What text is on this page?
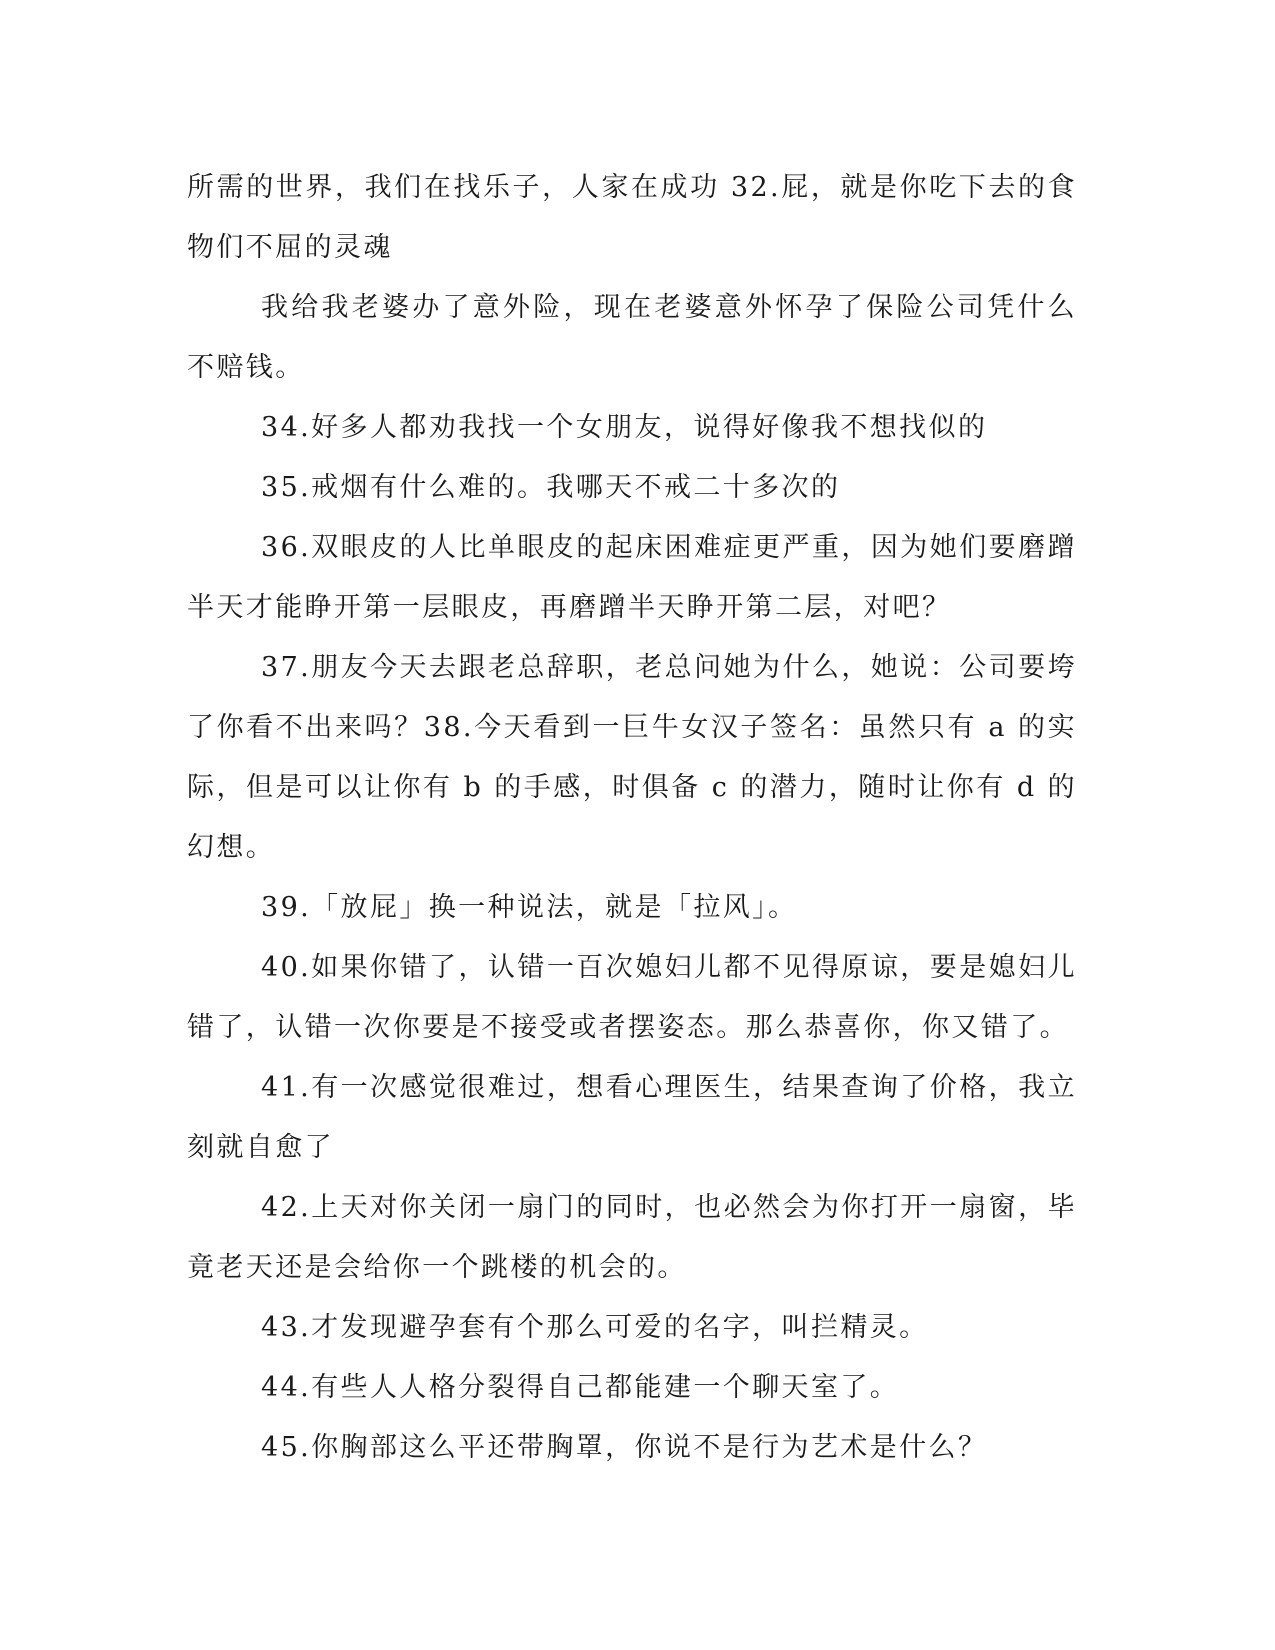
所需的世界，我们在找乐子，人家在成功 32.屁，就是你吃下去的食物们不屈的灵魂

我给我老婆办了意外险，现在老婆意外怀孕了保险公司凭什么不赔钱。

34.好多人都劝我找一个女朋友，说得好像我不想找似的

35.戒烟有什么难的。我哪天不戒二十多次的

36.双眼皮的人比单眼皮的起床困难症更严重，因为她们要磨蹭半天才能睁开第一层眼皮，再磨蹭半天睁开第二层，对吧？

37.朋友今天去跟老总辞职，老总问她为什么，她说：公司要垮了你看不出来吗？38.今天看到一巨牛女汉子签名：虽然只有 a 的实际，但是可以让你有 b 的手感，时俱备 c 的潜力，随时让你有 d 的幻想。

39.「放屁」换一种说法，就是「拉风」。

40.如果你错了，认错一百次媳妇儿都不见得原谅，要是媳妇儿错了，认错一次你要是不接受或者摆姿态。那么恭喜你，你又错了。

41.有一次感觉很难过，想看心理医生，结果查询了价格，我立刻就自愈了

42.上天对你关闭一扇门的同时，也必然会为你打开一扇窗，毕竟老天还是会给你一个跳楼的机会的。

43.才发现避孕套有个那么可爱的名字，叫拦精灵。

44.有些人人格分裂得自己都能建一个聊天室了。

45.你胸部这么平还带胸罩，你说不是行为艺术是什么？
